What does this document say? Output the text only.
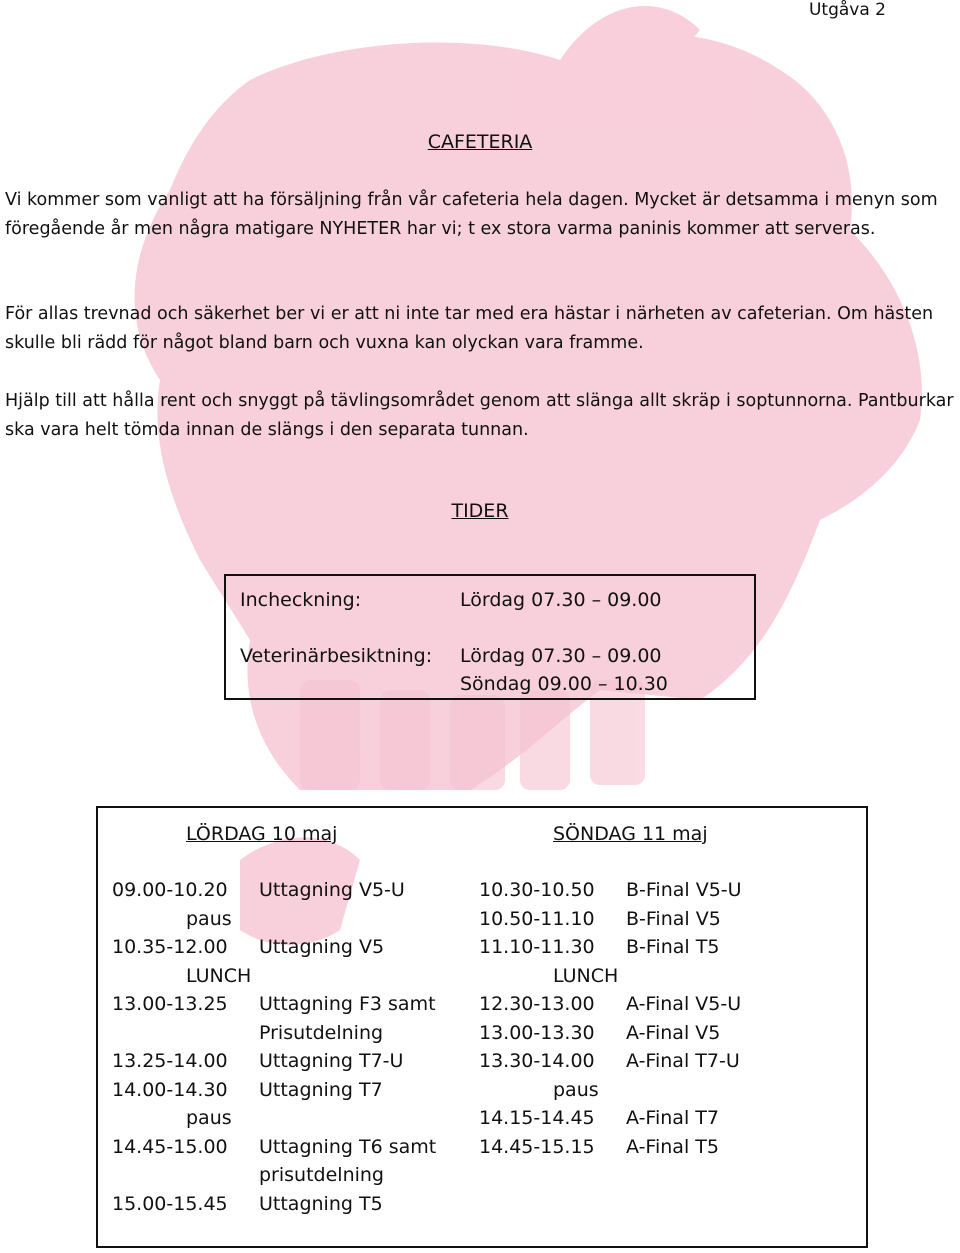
Utgåva 2
CAFETERIA

Vi kommer som vanligt att ha försäljning från vår cafeteria hela dagen. Mycket är detsamma i menyn som föregående år men några matigare NYHETER har vi; t ex stora varma paninis kommer att serveras.

För allas trevnad och säkerhet ber vi er att ni inte tar med era hästar i närheten av cafeterian. Om hästen skulle bli rädd för något bland barn och vuxna kan olyckan vara framme.

Hjälp till att hålla rent och snyggt på tävlingsområdet genom att slänga allt skräp i soptunnorna. Pantburkar ska vara helt tömda innan de slängs i den separata tunnan.

TIDER
Incheckning:	Lördag 07.30 – 09.00
Veterinärbesiktning: Lördag 07.30 – 09.00
Söndag 09.00 – 10.30
LÖRDAG 10 maj	SÖNDAG 11 maj
09.00-10.20 Uttagning V5-U
paus
10.35-12.00 Uttagning V5
LUNCH
13.00-13.25 Uttagning F3 samt
Prisutdelning
13.25-14.00 Uttagning T7-U
14.00-14.30 Uttagning T7
paus
14.45-15.00 Uttagning T6 samt
prisutdelning
15.00-15.45 Uttagning T5
10.30-10.50 B-Final V5-U
10.50-11.10 B-Final V5
11.10-11.30 B-Final T5
LUNCH
12.30-13.00 A-Final V5-U
13.00-13.30 A-Final V5
13.30-14.00 A-Final T7-U
paus
14.15-14.45 A-Final T7
14.45-15.15 A-Final T5
